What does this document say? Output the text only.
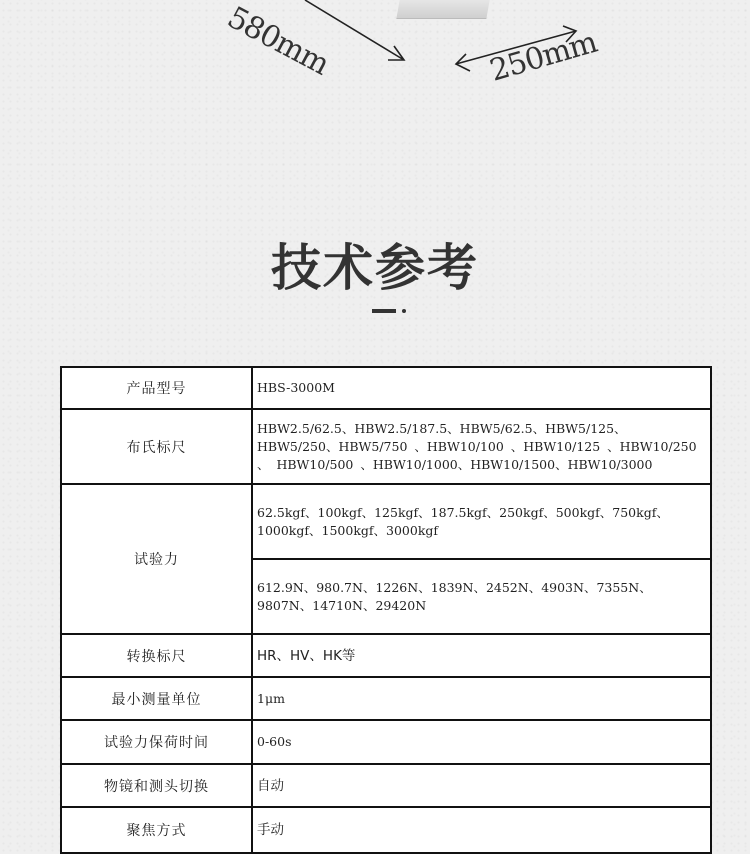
580mm	250mm
技术参考
产品型号	HBS-3000M
布氏标尺	HBW2.5/62.5、HBW2.5/187.5、HBW5/62.5、HBW5/125、HBW5/250、HBW5/750 、HBW10/100 、HBW10/125 、HBW10/250 、 HBW10/500 、HBW10/1000、HBW10/1500、HBW10/3000
试验力	62.5kgf、100kgf、125kgf、187.5kgf、250kgf、500kgf、750kgf、1000kgf、1500kgf、3000kgf
	612.9N、980.7N、1226N、1839N、2452N、4903N、7355N、9807N、14710N、29420N
转换标尺	HR、HV、HK等
最小测量单位	1μm
试验力保荷时间	0-60s
物镜和测头切换	自动
聚焦方式	手动
